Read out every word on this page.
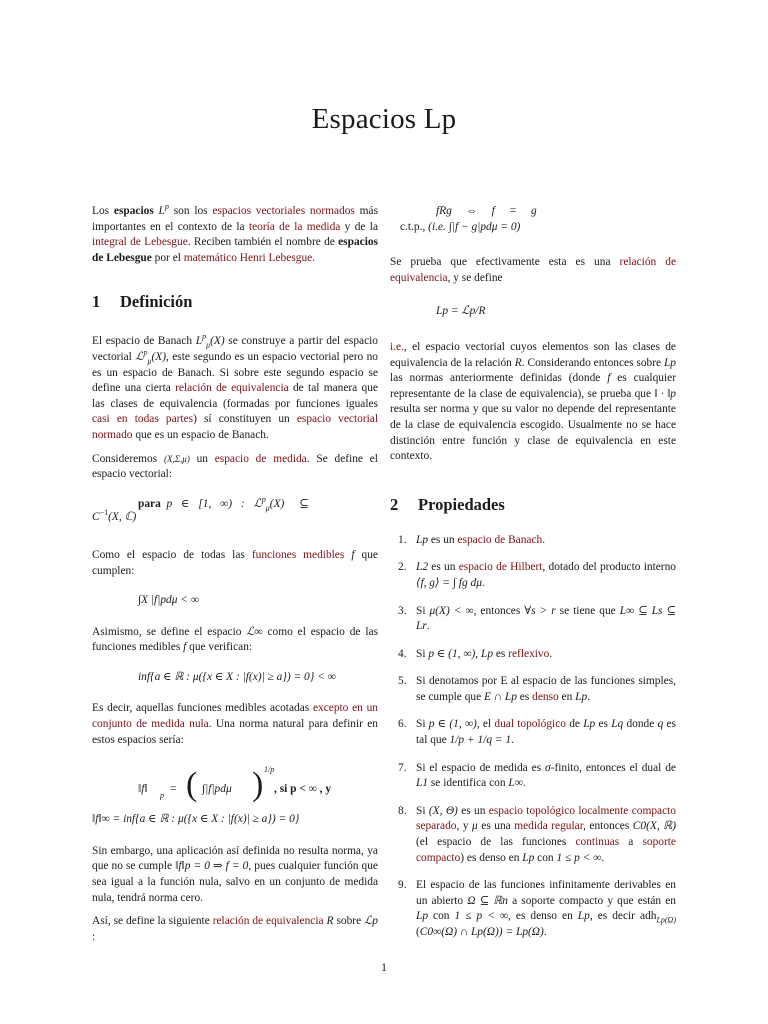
Espacios Lp

Los espacios $L^p$ son los espacios vectoriales normados más importantes en el contexto de la teoría de la medida y de la integral de Lebesgue. Reciben también el nombre de espacios de Lebesgue por el matemático Henri Lebesgue.

1 Definición

El espacio de Banach $L^p_\mu(X)$ se construye a partir del espacio vectorial ℒ$^p_\mu$(X), este segundo es un espacio vectorial pero no es un espacio de Banach. Si sobre este segundo espacio se define una cierta relación de equivalencia de tal manera que las clases de equivalencia (formadas por funciones iguales casi en todas partes) sí constituyen un espacio vectorial normado que es un espacio de Banach.

Consideremos (X,Σ,μ) un espacio de medida. Se define el espacio vectorial:

para p ∈ [1, ∞) : ℒ$^p_\mu$(X) ⊆
$C^{-1}(X$, ℂ)

Como el espacio de todas las funciones medibles f que cumplen:

∫X |f|pdμ < ∞

Asimismo, se define el espacio ℒ∞ como el espacio de las funciones medibles f que verifican:

inf{a ∈ ℝ : μ({x ∈ X : |f(x)| ≥ a}) = 0} < ∞

Es decir, aquellas funciones medibles acotadas excepto en un conjunto de medida nula. Una norma natural para definir en estos espacios sería:

‖f‖
p
= ( ∫|f|pdμ ) 1/p
, si p < ∞ , y
‖f‖∞ = inf{a ∈ ℝ : μ({x ∈ X : |f(x)| ≥ a}) = 0}

Sin embargo, una aplicación así definida no resulta norma, ya que no se cumple ‖f‖p = 0 ⇒ f = 0, pues cualquier función que sea igual a la función nula, salvo en un conjunto de medida nula, tendrá norma cero.

Así, se define la siguiente relación de equivalencia R sobre ℒp :

fRg     ⇔     f     =     g
c.t.p., (i.e. ∫|f − g|pdμ = 0)

Se prueba que efectivamente esta es una relación de equivalencia, y se define

Lp = ℒp/R

i.e., el espacio vectorial cuyos elementos son las clases de equivalencia de la relación R. Considerando entonces sobre Lp las normas anteriormente definidas (donde f es cualquier representante de la clase de equivalencia), se prueba que ‖ · ‖p resulta ser norma y que su valor no depende del representante de la clase de equivalencia escogido. Usualmente no se hace distinción entre función y clase de equivalencia en este contexto.

2 Propiedades
1. Lp es un espacio de Banach.
2. L2 es un espacio de Hilbert, dotado del producto interno ⟨f, g⟩ = ∫ fg dμ.
3. Si μ(X) < ∞, entonces ∀s > r se tiene que L∞ ⊆ Ls ⊆ Lr.
4. Si p ∈ (1, ∞), Lp es reflexivo.
5. Si denotamos por E al espacio de las funciones simples, se cumple que E ∩ Lp es denso en Lp.
6. Si p ∈ (1, ∞), el dual topológico de Lp es Lq donde q es tal que 1/p + 1/q = 1.
7. Si el espacio de medida es σ-finito, entonces el dual de L1 se identifica con L∞.
8. Si (X, Θ) es un espacio topológico localmente compacto separado, y μ es una medida regular, entonces C0(X, ℝ) (el espacio de las funciones continuas a soporte compacto) es denso en Lp con 1 ≤ p < ∞.
9. El espacio de las funciones infinitamente derivables en un abierto Ω ⊆ ℝn a soporte compacto y que están en Lp con 1 ≤ p < ∞, es denso en Lp, es decir adh$_{Lp(\Omega)}$(C0∞(Ω) ∩ Lp(Ω)) = Lp(Ω).
1
